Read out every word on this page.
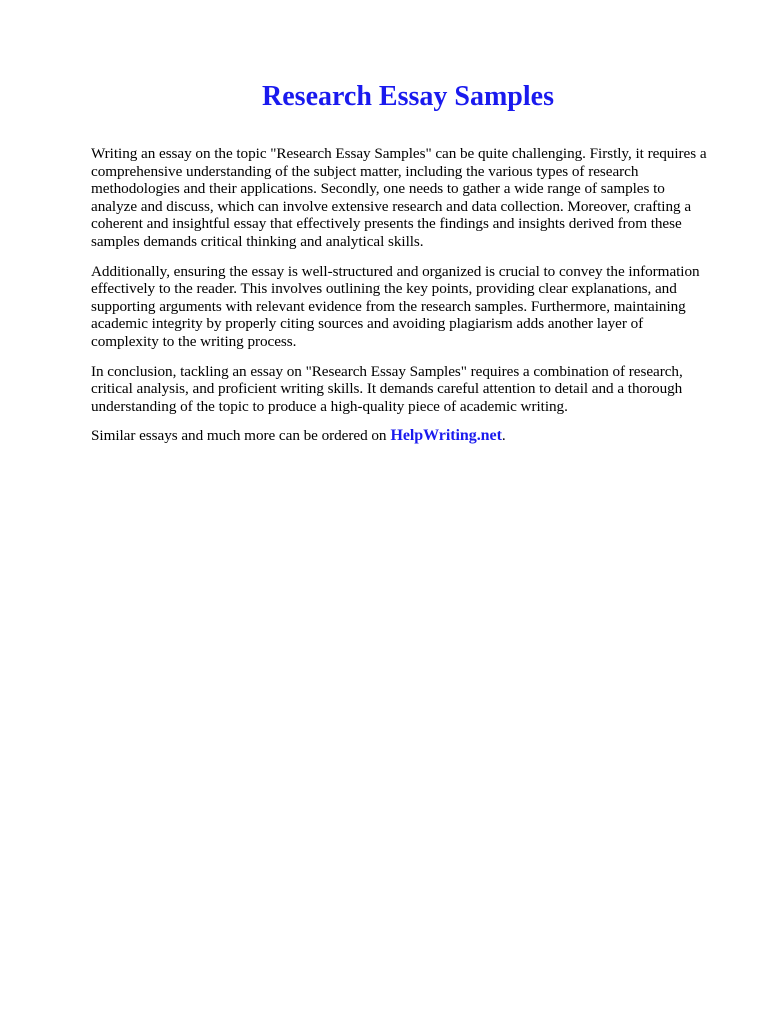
Research Essay Samples

Writing an essay on the topic "Research Essay Samples" can be quite challenging. Firstly, it requires a
comprehensive understanding of the subject matter, including the various types of research
methodologies and their applications. Secondly, one needs to gather a wide range of samples to
analyze and discuss, which can involve extensive research and data collection. Moreover, crafting a
coherent and insightful essay that effectively presents the findings and insights derived from these
samples demands critical thinking and analytical skills.

Additionally, ensuring the essay is well-structured and organized is crucial to convey the information
effectively to the reader. This involves outlining the key points, providing clear explanations, and
supporting arguments with relevant evidence from the research samples. Furthermore, maintaining
academic integrity by properly citing sources and avoiding plagiarism adds another layer of
complexity to the writing process.

In conclusion, tackling an essay on "Research Essay Samples" requires a combination of research,
critical analysis, and proficient writing skills. It demands careful attention to detail and a thorough
understanding of the topic to produce a high-quality piece of academic writing.

Similar essays and much more can be ordered on HelpWriting.net.
